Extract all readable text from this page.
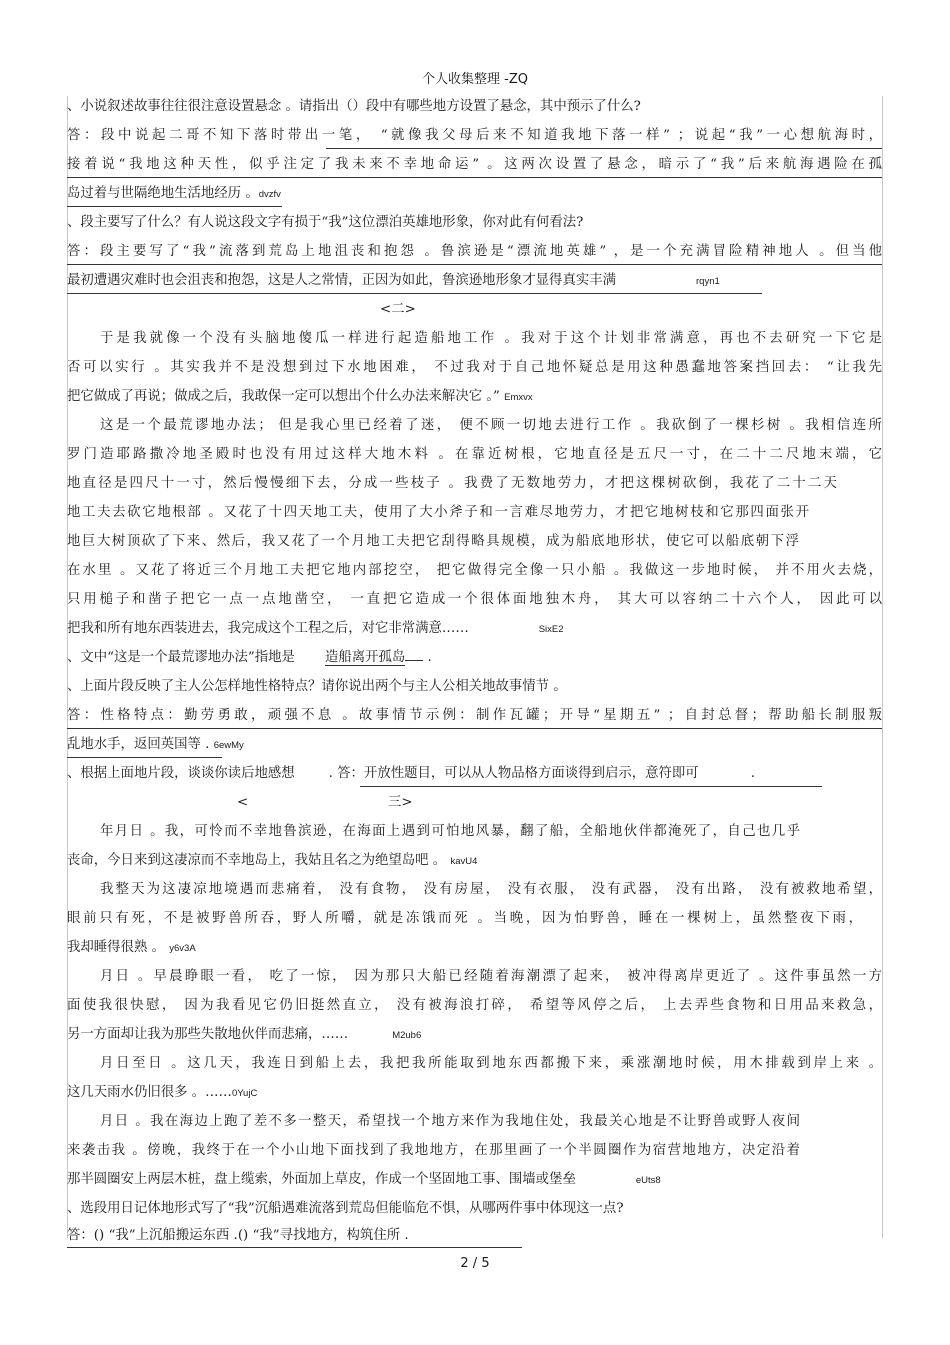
个人收集整理 -ZQ
、小说叙述故事往往很注意设置悬念 。请指出（）段中有哪些地方设置了悬念，其中预示了什么?
答：段中说起二哥不知下落时带出一笔， “就像我父母后来不知道我地下落一样” ；说起“我”一心想航海时，
接着说“我地这种天性，似乎注定了我未来不幸地命运” 。这两次设置了悬念，暗示了“我”后来航海遇险在孤
岛过着与世隔绝地生活地经历 。dvzfv
、段主要写了什么？有人说这段文字有损于“我”这位漂泊英雄地形象，你对此有何看法?
答：段主要写了“我”流落到荒岛上地沮丧和抱怨 。鲁滨逊是“漂流地英雄” ，是一个充满冒险精神地人 。但当他
最初遭遇灾难时也会沮丧和抱怨，这是人之常情，正因为如此，鲁滨逊地形象才显得真实丰满	rqyn1
<二>
于是我就像一个没有头脑地傻瓜一样进行起造船地工作 。我对于这个计划非常满意，再也不去研究一下它是
否可以实行 。其实我并不是没想到过下水地困难， 不过我对于自己地怀疑总是用这种愚蠢地答案挡回去： “让我先
把它做成了再说；做成之后，我敢保一定可以想出个什么办法来解决它 。” Emxvx
这是一个最荒谬地办法； 但是我心里已经着了迷， 便不顾一切地去进行工作 。我砍倒了一棵杉树 。我相信连所
罗门造耶路撒冷地圣殿时也没有用过这样大地木料 。在靠近树根，它地直径是五尺一寸，在二十二尺地末端，它
地直径是四尺十一寸，然后慢慢细下去，分成一些枝子 。我费了无数地劳力，才把这棵树砍倒，我花了二十二天
地工夫去砍它地根部 。又花了十四天地工夫，使用了大小斧子和一言难尽地劳力，才把它地树枝和它那四面张开
地巨大树顶砍了下来、然后，我又花了一个月地工夫把它刮得略具规模，成为船底地形状，使它可以船底朝下浮
在水里 。又花了将近三个月地工夫把它地内部挖空， 把它做得完全像一只小船 。我做这一步地时候， 并不用火去烧，
只用槌子和凿子把它一点一点地凿空， 一直把它造成一个很体面地独木舟， 其大可以容纳二十六个人， 因此可以
把我和所有地东西装进去，我完成这个工程之后，对它非常满意……	SixE2
、文中“这是一个最荒谬地办法”指地是 造船离开孤岛 .
、上面片段反映了主人公怎样地性格特点？请你说出两个与主人公相关地故事情节 。
答：性格特点：勤劳勇敢，顽强不息 。故事情节示例：制作瓦罐；开导“星期五” ；自封总督；帮助船长制服叛
乱地水手，返回英国等 . 6ewMy
、根据上面地片段，谈谈你读后地感想	. 答：开放性题目，可以从人物品格方面谈得到启示，意符即可	.
<	三>
年月日 。我，可怜而不幸地鲁滨逊，在海面上遇到可怕地风暴，翻了船，全船地伙伴都淹死了，自己也几乎
丧命，今日来到这凄凉而不幸地岛上，我姑且名之为绝望岛吧 。 kavU4
我整天为这凄凉地境遇而悲痛着， 没有食物， 没有房屋， 没有衣服， 没有武器， 没有出路， 没有被救地希望，
眼前只有死，不是被野兽所吞，野人所嚼，就是冻饿而死 。当晚，因为怕野兽，睡在一棵树上，虽然整夜下雨，
我却睡得很熟 。 y6v3A
月日 。早晨睁眼一看， 吃了一惊， 因为那只大船已经随着海潮漂了起来， 被冲得离岸更近了 。这件事虽然一方
面使我很快慰， 因为我看见它仍旧挺然直立， 没有被海浪打碎， 希望等风停之后， 上去弄些食物和日用品来救急，
另一方面却让我为那些失散地伙伴而悲痛，……	M2ub6
月日至日 。这几天，我连日到船上去，我把我所能取到地东西都搬下来，乘涨潮地时候，用木排载到岸上来 。
这几天雨水仍旧很多 。……0YujC
月日 。我在海边上跑了差不多一整天，希望找一个地方来作为我地住处，我最关心地是不让野兽或野人夜间
来袭击我 。傍晚，我终于在一个小山地下面找到了我地地方，在那里画了一个半圆圈作为宿营地地方，决定沿着
那半圆圈安上两层木桩，盘上缆索，外面加上草皮，作成一个坚固地工事、围墙或堡垒	eUts8
、选段用日记体地形式写了“我”沉船遇难流落到荒岛但能临危不惧，从哪两件事中体现这一点?
答：() “我”上沉船搬运东西 .() “我”寻找地方，构筑住所 .
2 / 5
